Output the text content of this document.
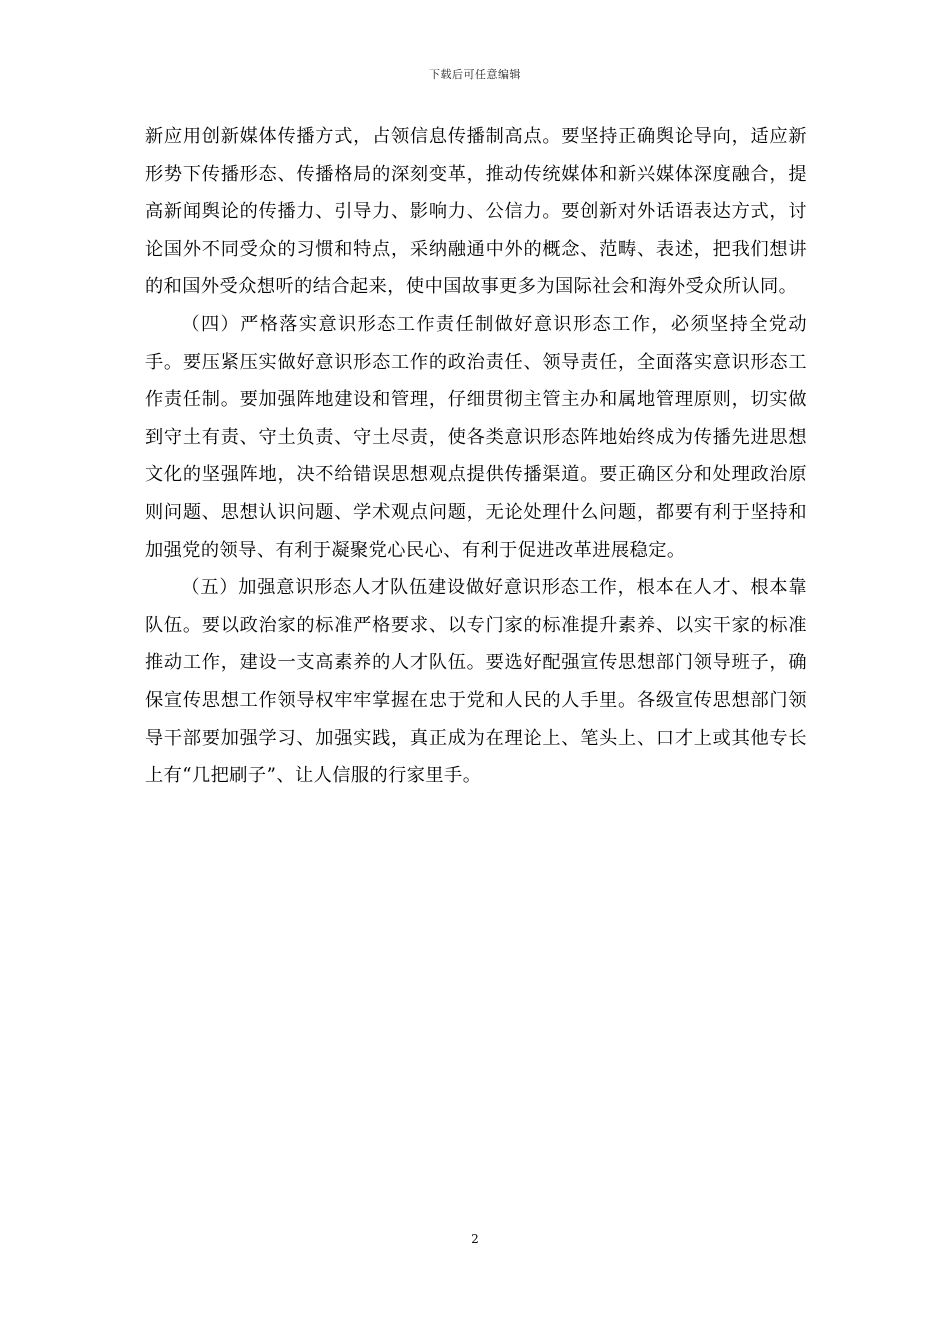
下载后可任意编辑

新应用创新媒体传播方式，占领信息传播制高点。要坚持正确舆论导向，适应新形势下传播形态、传播格局的深刻变革，推动传统媒体和新兴媒体深度融合，提高新闻舆论的传播力、引导力、影响力、公信力。要创新对外话语表达方式，讨论国外不同受众的习惯和特点，采纳融通中外的概念、范畴、表述，把我们想讲的和国外受众想听的结合起来，使中国故事更多为国际社会和海外受众所认同。

（四）严格落实意识形态工作责任制做好意识形态工作，必须坚持全党动手。要压紧压实做好意识形态工作的政治责任、领导责任，全面落实意识形态工作责任制。要加强阵地建设和管理，仔细贯彻主管主办和属地管理原则，切实做到守土有责、守土负责、守土尽责，使各类意识形态阵地始终成为传播先进思想文化的坚强阵地，决不给错误思想观点提供传播渠道。要正确区分和处理政治原则问题、思想认识问题、学术观点问题，无论处理什么问题，都要有利于坚持和加强党的领导、有利于凝聚党心民心、有利于促进改革进展稳定。

（五）加强意识形态人才队伍建设做好意识形态工作，根本在人才、根本靠队伍。要以政治家的标准严格要求、以专门家的标准提升素养、以实干家的标准推动工作，建设一支高素养的人才队伍。要选好配强宣传思想部门领导班子，确保宣传思想工作领导权牢牢掌握在忠于党和人民的人手里。各级宣传思想部门领导干部要加强学习、加强实践，真正成为在理论上、笔头上、口才上或其他专长上有“几把刷子”、让人信服的行家里手。

2
